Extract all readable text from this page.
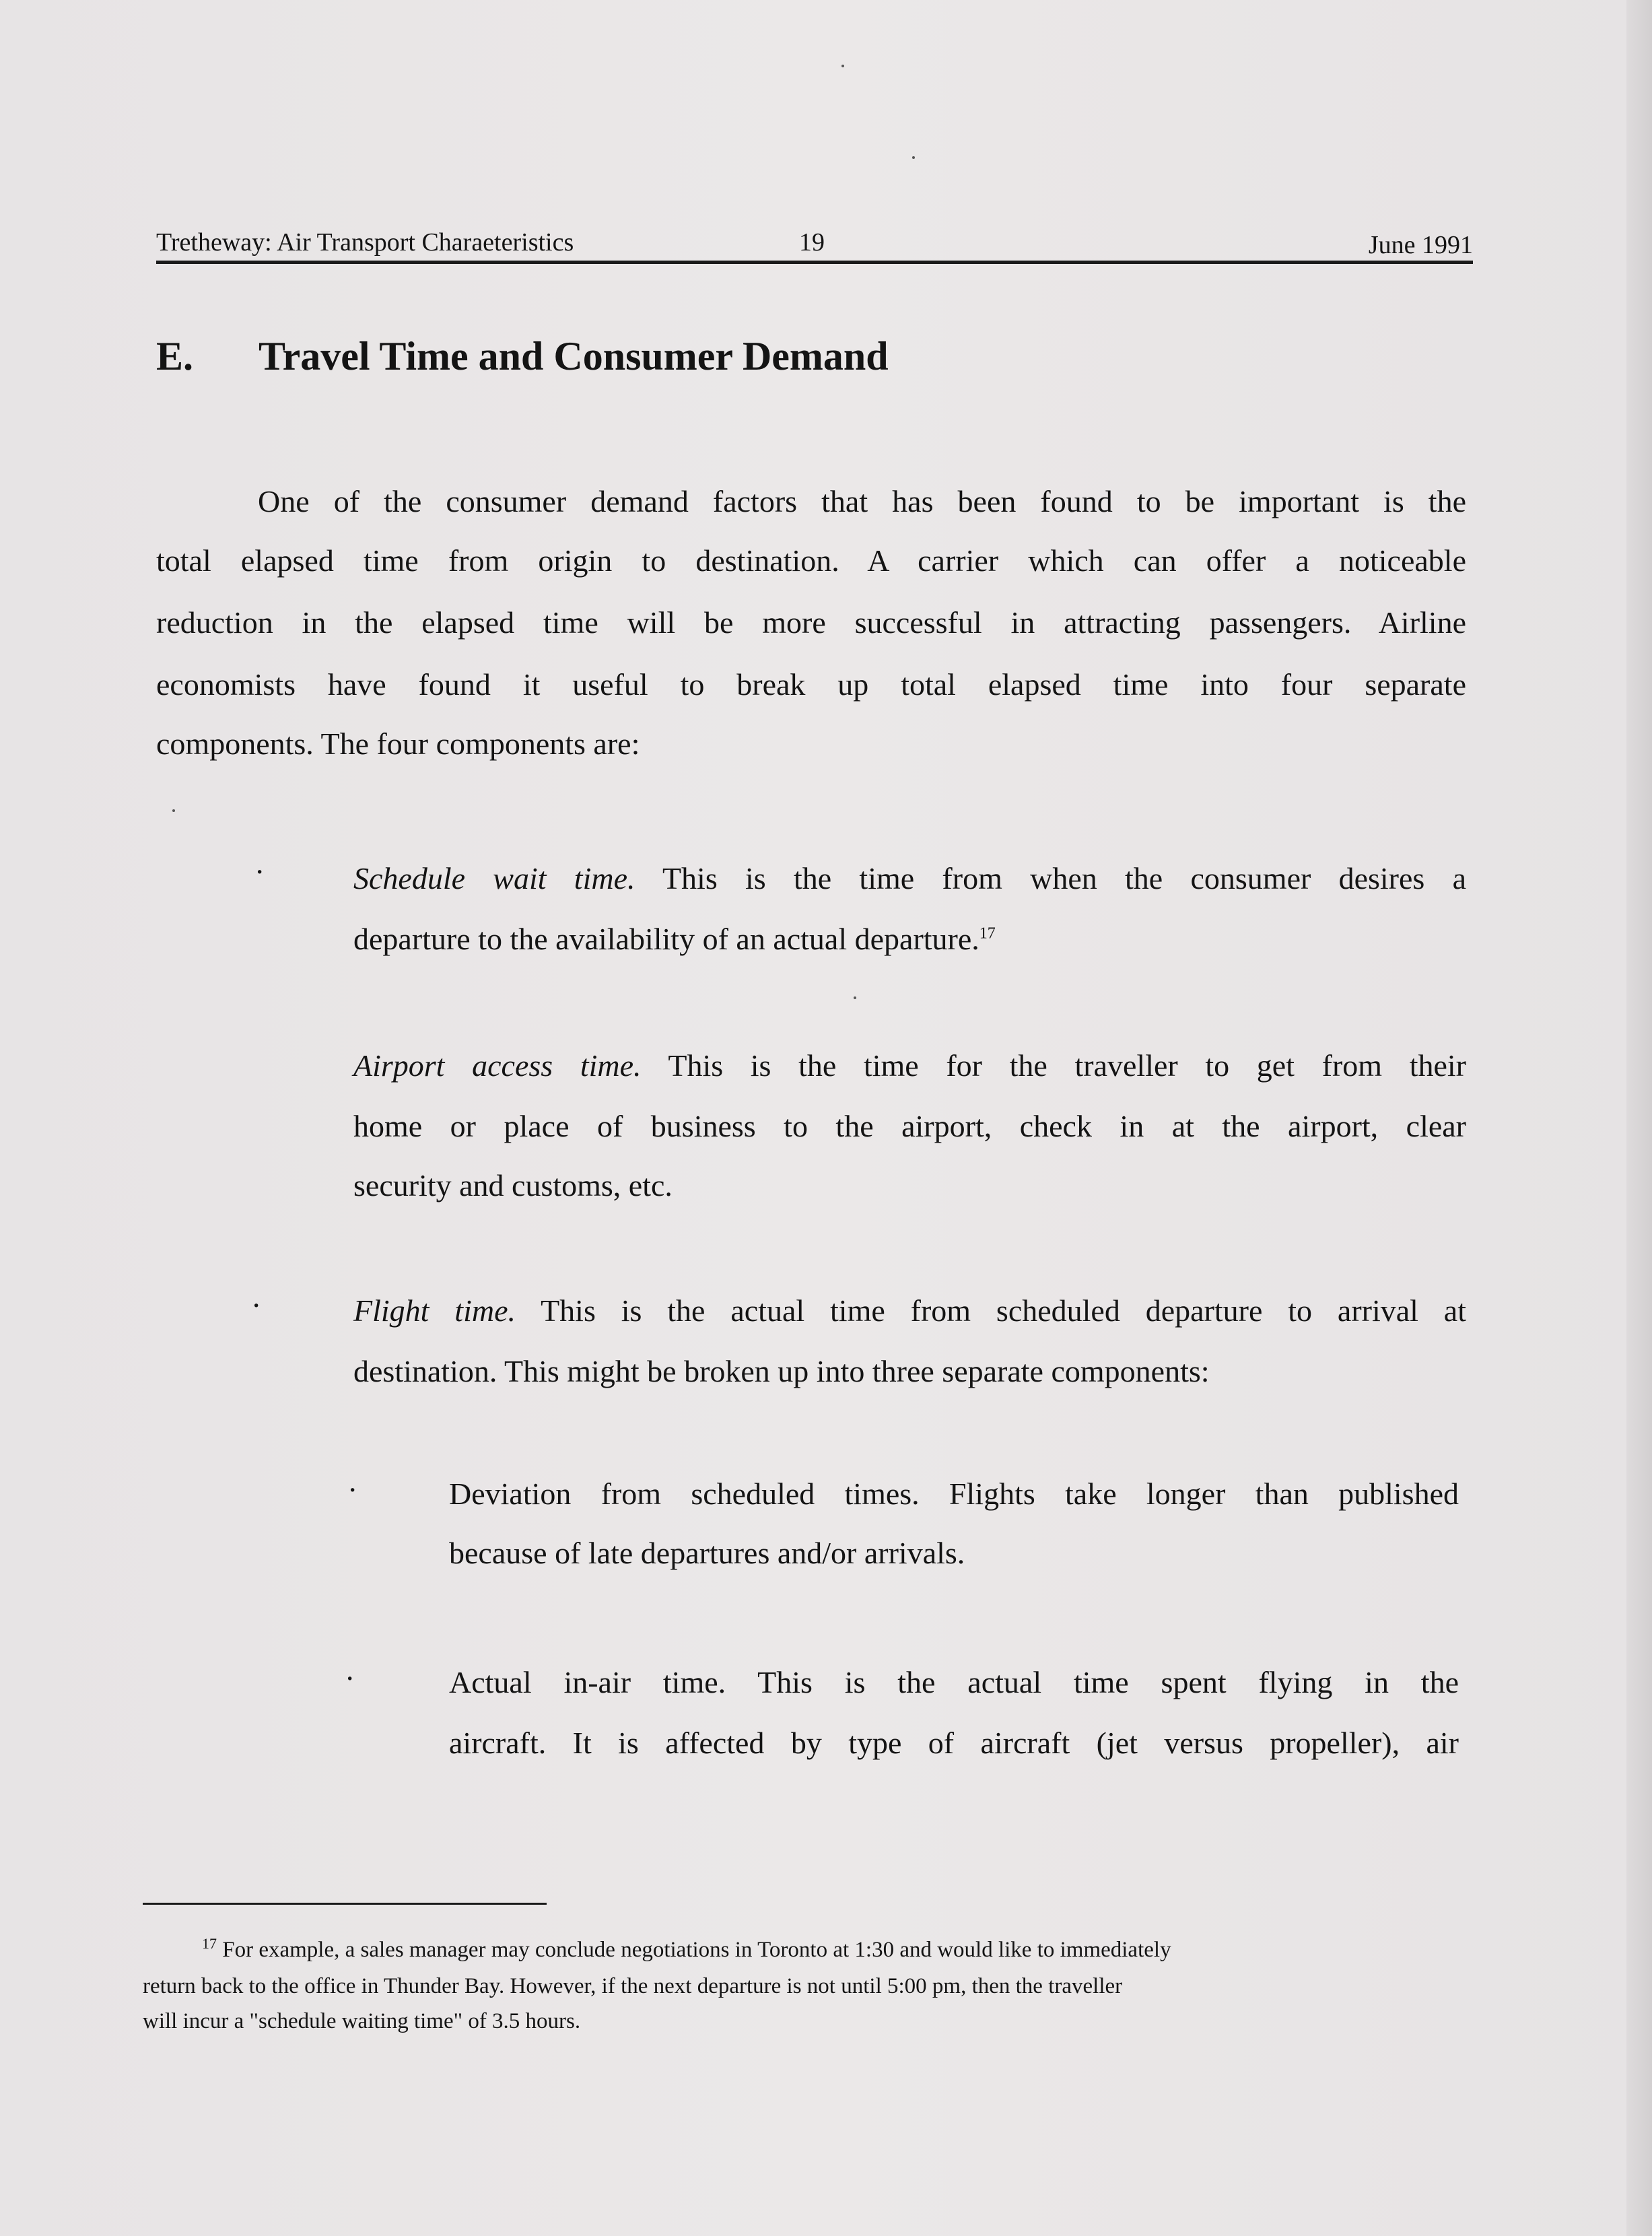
Tretheway: Air Transport Charaeteristics	19	June 1991
E. Travel Time and Consumer Demand
One of the consumer demand factors that has been found to be important is the
total elapsed time from origin to destination. A carrier which can offer a noticeable
reduction in the elapsed time will be more successful in attracting passengers. Airline
economists have found it useful to break up total elapsed time into four separate
components. The four components are:
·	Schedule wait time. This is the time from when the consumer desires a
departure to the availability of an actual departure.$^{17}$
Airport access time. This is the time for the traveller to get from their
home or place of business to the airport, check in at the airport, clear
security and customs, etc.
·	Flight time. This is the actual time from scheduled departure to arrival at
destination. This might be broken up into three separate components:
·	Deviation from scheduled times. Flights take longer than published
because of late departures and/or arrivals.
·	Actual in-air time. This is the actual time spent flying in the
aircraft. It is affected by type of aircraft (jet versus propeller), air
$^{17}$ For example, a sales manager may conclude negotiations in Toronto at 1:30 and would like to immediately
return back to the office in Thunder Bay. However, if the next departure is not until 5:00 pm, then the traveller
will incur a "schedule waiting time" of 3.5 hours.
